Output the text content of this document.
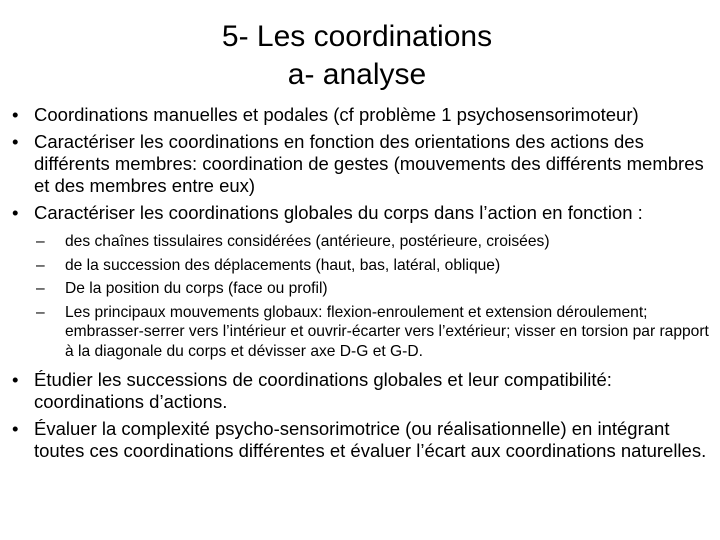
5- Les coordinations
a- analyse
• Coordinations manuelles et podales (cf problème 1 psychosensorimoteur)
• Caractériser les coordinations en fonction des orientations des actions des différents membres: coordination de gestes (mouvements des différents membres et des membres entre eux)
• Caractériser les coordinations globales du corps dans l’action en fonction :
– des chaînes tissulaires considérées (antérieure, postérieure, croisées)
– de la succession des déplacements (haut, bas, latéral, oblique)
– De la position du corps (face ou profil)
– Les principaux mouvements globaux: flexion-enroulement et extension déroulement; embrasser-serrer vers l’intérieur et ouvrir-écarter vers l’extérieur; visser en torsion par rapport à la diagonale du corps et dévisser axe D-G et G-D.
• Étudier les successions de coordinations globales et leur compatibilité: coordinations d’actions.
• Évaluer la complexité psycho-sensorimotrice (ou réalisationnelle) en intégrant toutes ces coordinations différentes et évaluer l’écart aux coordinations naturelles.
